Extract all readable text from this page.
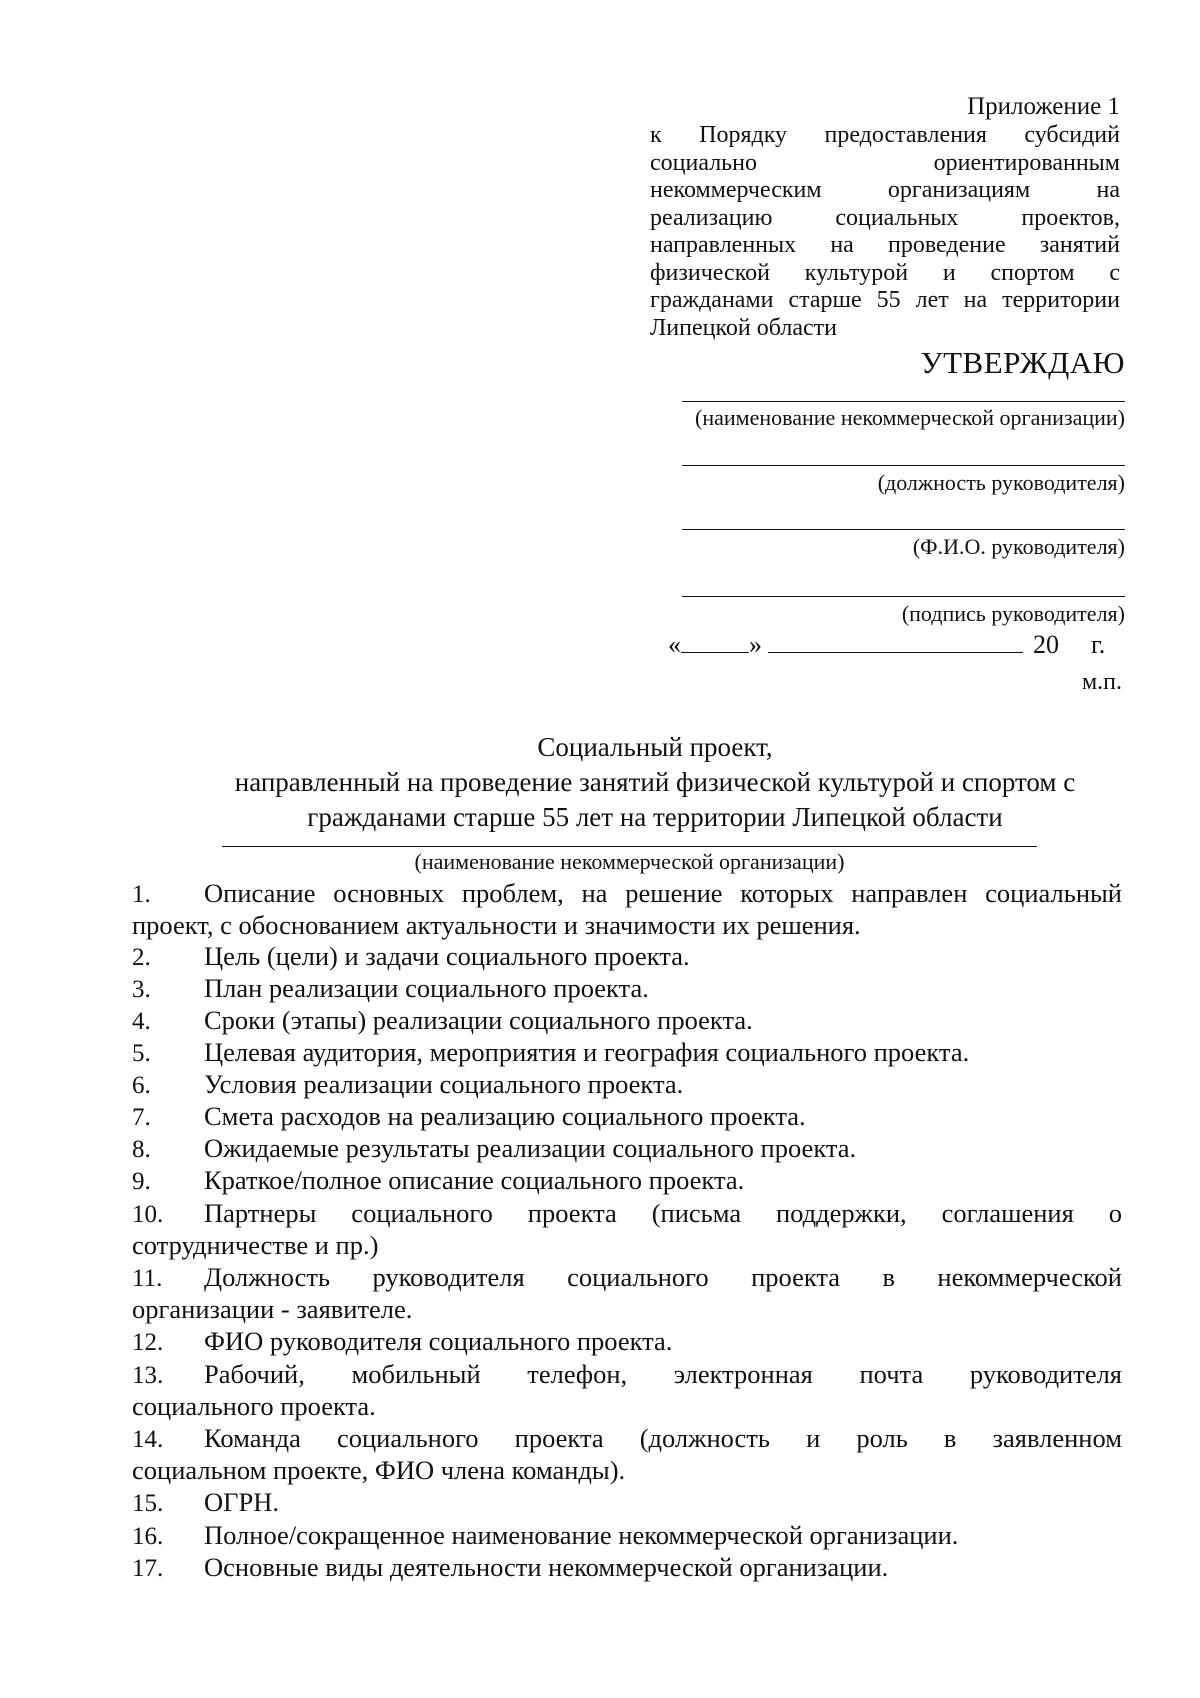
Приложение 1

к Порядку предоставления субсидий социально ориентированным некоммерческим организациям на реализацию социальных проектов, направленных на проведение занятий физической культурой и спортом с гражданами старше 55 лет на территории Липецкой области

УТВЕРЖДАЮ
(наименование некоммерческой организации)
(должность руководителя)
(Ф.И.О. руководителя)
(подпись руководителя)
«	»	20 г.
м.п.
Социальный проект,
направленный на проведение занятий физической культурой и спортом с
гражданами старше 55 лет на территории Липецкой области
(наименование некоммерческой организации)
1.	Описание основных проблем, на решение которых направлен социальный
проект, с обоснованием актуальности и значимости их решения.
2.	Цель (цели) и задачи социального проекта.
3.	План реализации социального проекта.
4.	Сроки (этапы) реализации социального проекта.
5.	Целевая аудитория, мероприятия и география социального проекта.
6.	Условия реализации социального проекта.
7.	Смета расходов на реализацию социального проекта.
8.	Ожидаемые результаты реализации социального проекта.
9.	Краткое/полное описание социального проекта.
10.	Партнеры социального проекта (письма поддержки, соглашения о
сотрудничестве и пр.)
11.	Должность руководителя социального проекта в некоммерческой
организации - заявителе.
12.	ФИО руководителя социального проекта.
13.	Рабочий, мобильный телефон, электронная почта руководителя
социального проекта.
14.	Команда социального проекта (должность и роль в заявленном
социальном проекте, ФИО члена команды).
15.	ОГРН.
16.	Полное/сокращенное наименование некоммерческой организации.
17.	Основные виды деятельности некоммерческой организации.
